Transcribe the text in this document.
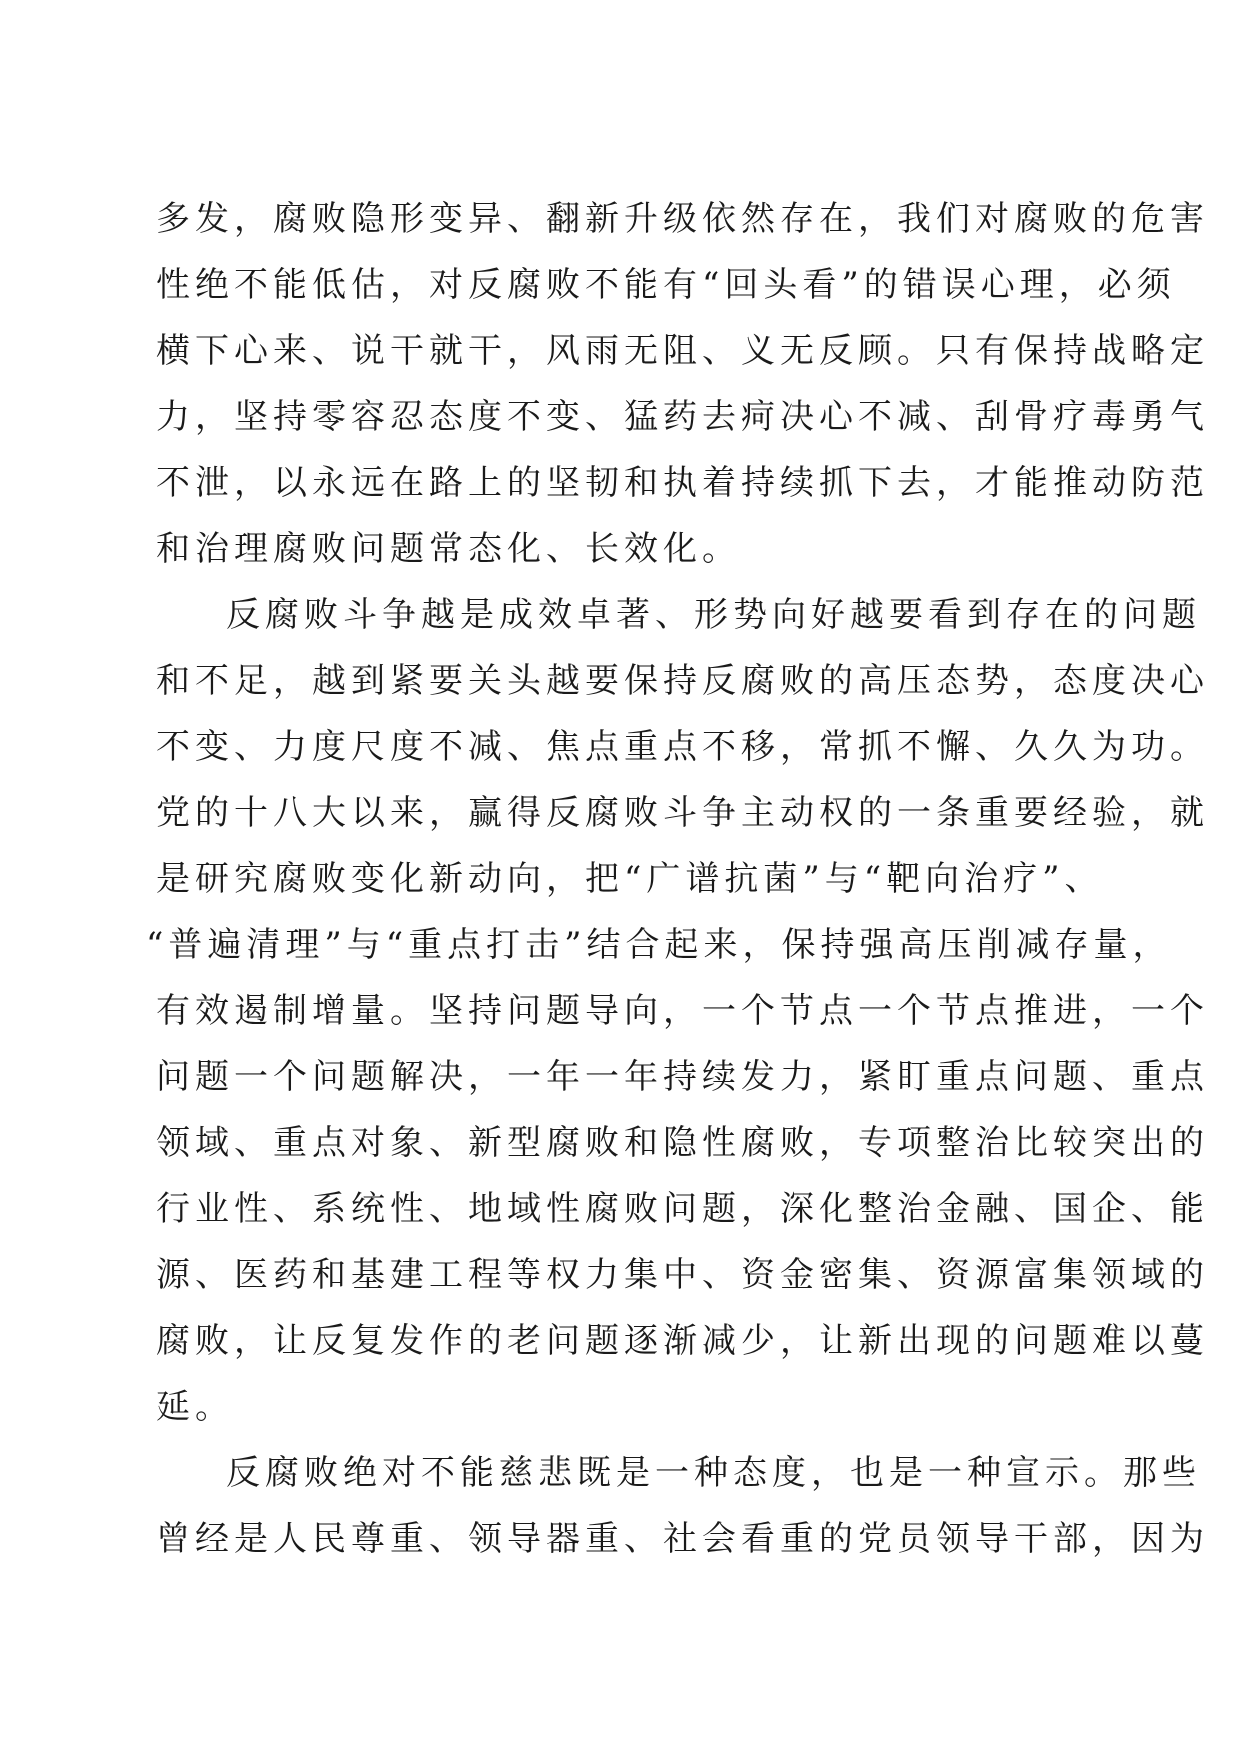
多发，腐败隐形变异、翻新升级依然存在，我们对腐败的危害
性绝不能低估，对反腐败不能有“回头看”的错误心理，必须
横下心来、说干就干，风雨无阻、义无反顾。只有保持战略定
力，坚持零容忍态度不变、猛药去疴决心不减、刮骨疗毒勇气
不泄，以永远在路上的坚韧和执着持续抓下去，才能推动防范
和治理腐败问题常态化、长效化。
反腐败斗争越是成效卓著、形势向好越要看到存在的问题
和不足，越到紧要关头越要保持反腐败的高压态势，态度决心
不变、力度尺度不减、焦点重点不移，常抓不懈、久久为功。
党的十八大以来，赢得反腐败斗争主动权的一条重要经验，就
是研究腐败变化新动向，把“广谱抗菌”与“靶向治疗”、
“普遍清理”与“重点打击”结合起来，保持强高压削减存量，
有效遏制增量。坚持问题导向，一个节点一个节点推进，一个
问题一个问题解决，一年一年持续发力，紧盯重点问题、重点
领域、重点对象、新型腐败和隐性腐败，专项整治比较突出的
行业性、系统性、地域性腐败问题，深化整治金融、国企、能
源、医药和基建工程等权力集中、资金密集、资源富集领域的
腐败，让反复发作的老问题逐渐减少，让新出现的问题难以蔓
延。
反腐败绝对不能慈悲既是一种态度，也是一种宣示。那些
曾经是人民尊重、领导器重、社会看重的党员领导干部，因为
